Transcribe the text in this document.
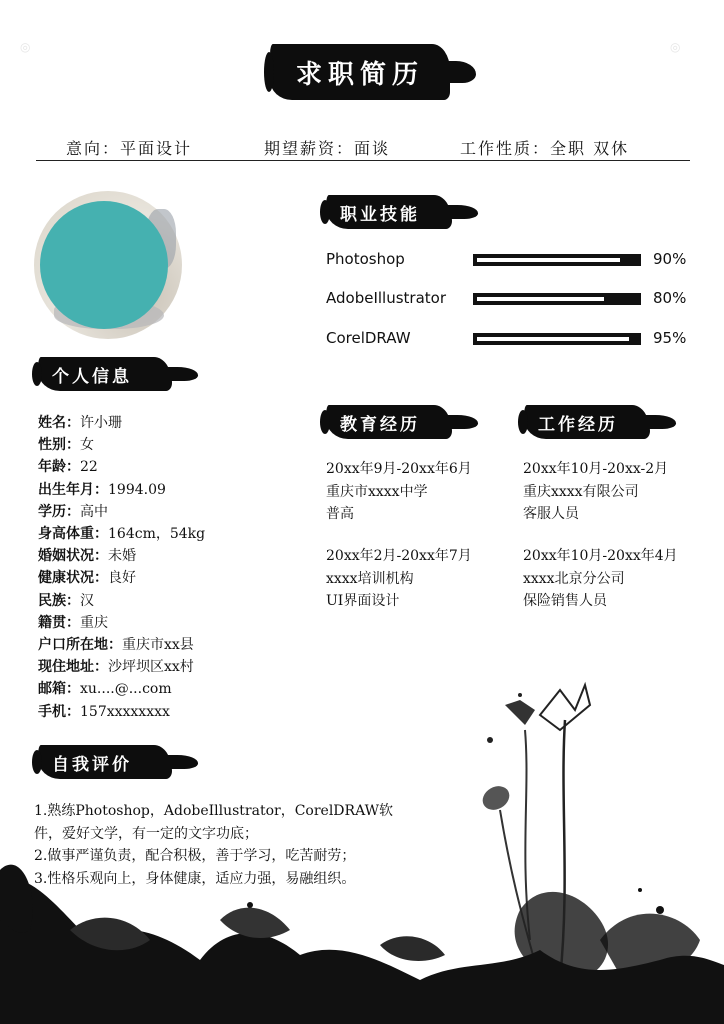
◎	◎
求职简历
意向：平面设计	期望薪资：面谈	工作性质：全职 双休
个人信息
姓名：许小珊
性别：女
年龄：22
出生年月：1994.09
学历：高中
身高体重：164cm，54kg
婚姻状况：未婚
健康状况：良好
民族：汉
籍贯：重庆
户口所在地：重庆市xx县
现住地址：沙坪坝区xx村
邮箱：xu....@...com
手机：157xxxxxxxx
职业技能
Photoshop	90%
AdobeIllustrator	80%
CorelDRAW	95%
教育经历
20xx年9月-20xx年6月
重庆市xxxx中学
普高
20xx年2月-20xx年7月
xxxx培训机构
UI界面设计
工作经历
20xx年10月-20xx-2月
重庆xxxx有限公司
客服人员
20xx年10月-20xx年4月
xxxx北京分公司
保险销售人员
自我评价
1.熟练Photoshop，AdobeIllustrator，CorelDRAW软
件，爱好文学，有一定的文字功底；
2.做事严谨负责，配合积极，善于学习，吃苦耐劳；
3.性格乐观向上，身体健康，适应力强，易融组织。
